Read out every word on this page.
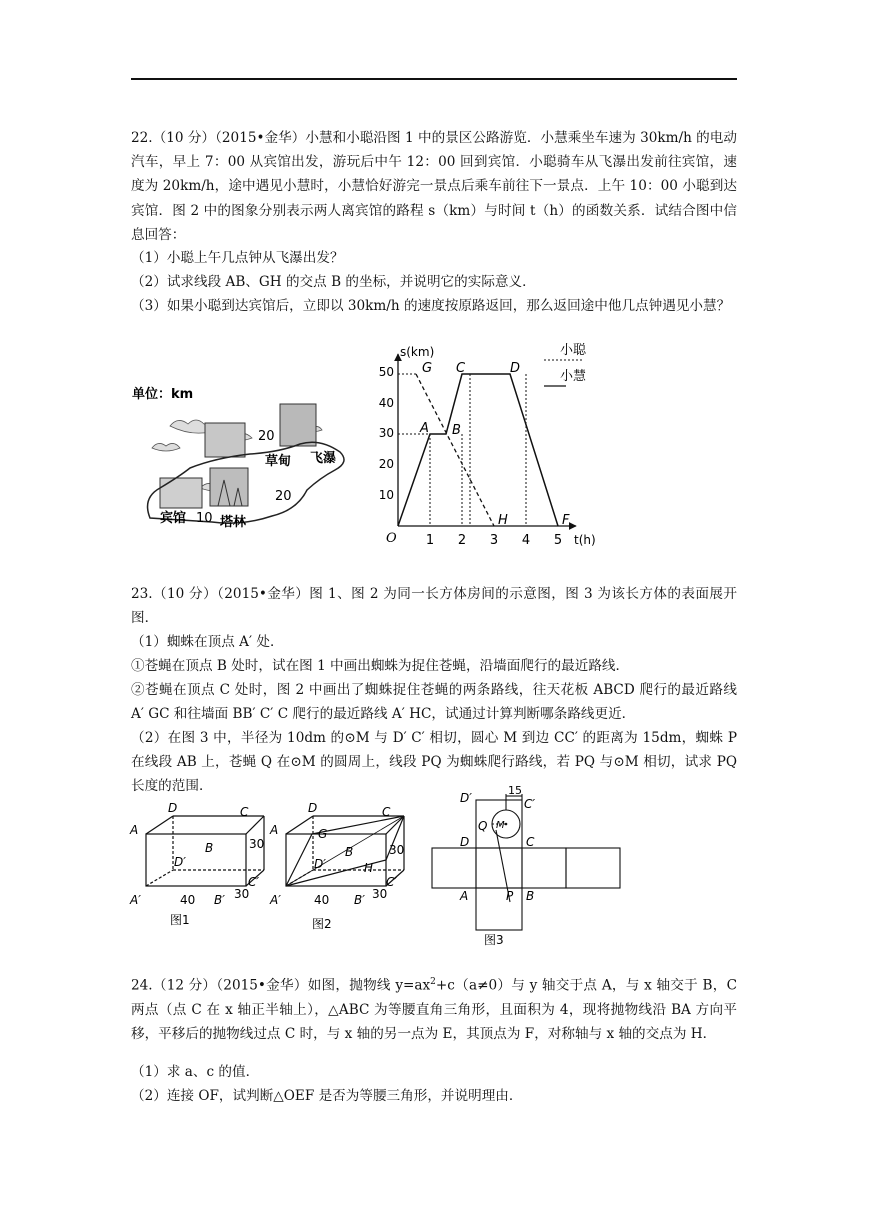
22.（10 分）（2015•金华）小慧和小聪沿图 1 中的景区公路游览．小慧乘坐车速为 30km/h 的电动汽车，早上 7：00 从宾馆出发，游玩后中午 12：00 回到宾馆．小聪骑车从飞瀑出发前往宾馆，速度为 20km/h，途中遇见小慧时，小慧恰好游完一景点后乘车前往下一景点．上午 10：00 小聪到达宾馆．图 2 中的图象分别表示两人离宾馆的路程 s（km）与时间 t（h）的函数关系．试结合图中信息回答：

（1）小聪上午几点钟从飞瀑出发？

（2）试求线段 AB、GH 的交点 B 的坐标，并说明它的实际意义．

（3）如果小聪到达宾馆后，立即以 30km/h 的速度按原路返回，那么返回途中他几点钟遇见小慧？

单位：km
20
草甸 飞瀑
20
宾馆 10 塔林
s(km)
t(h)
O
10
20
30
40
50
1 2 3 4 5
G C	D
A B
H	F
小聪
小慧

23.（10 分）（2015•金华）图 1、图 2 为同一长方体房间的示意图，图 3 为该长方体的表面展开图．

（1）蜘蛛在顶点 A′ 处．

①苍蝇在顶点 B 处时，试在图 1 中画出蜘蛛为捉住苍蝇，沿墙面爬行的最近路线．

②苍蝇在顶点 C 处时，图 2 中画出了蜘蛛捉住苍蝇的两条路线，往天花板 ABCD 爬行的最近路线 A′ GC 和往墙面 BB′ C′ C 爬行的最近路线 A′ HC，试通过计算判断哪条路线更近．

（2）在图 3 中，半径为 10dm 的⊙M 与 D′ C′ 相切，圆心 M 到边 CC′ 的距离为 15dm，蜘蛛 P 在线段 AB 上，苍蝇 Q 在⊙M 的圆周上，线段 PQ 为蜘蛛爬行路线，若 PQ 与⊙M 相切，试求 PQ 长度的范围．

A
D	C
B
D′
C′
A′	B′
40
30
30
图1
D	C
A	G
B
D′	H
C′
A′	B′
40
30
30
图2
D′	C′
Q M
D	C
A	P B
15
图3

24.（12 分）（2015•金华）如图，抛物线 $y=ax^2+c(a\ne 0)$与 y 轴交于点 A，与 x 轴交于 B，C 两点（点 C 在 x 轴正半轴上），△ABC 为等腰直角三角形，且面积为 4，现将抛物线沿 BA 方向平移，平移后的抛物线过点 C 时，与 x 轴的另一点为 E，其顶点为 F，对称轴与 x 轴的交点为 H．

（1）求 a、c 的值．

（2）连接 OF，试判断△OEF 是否为等腰三角形，并说明理由．
